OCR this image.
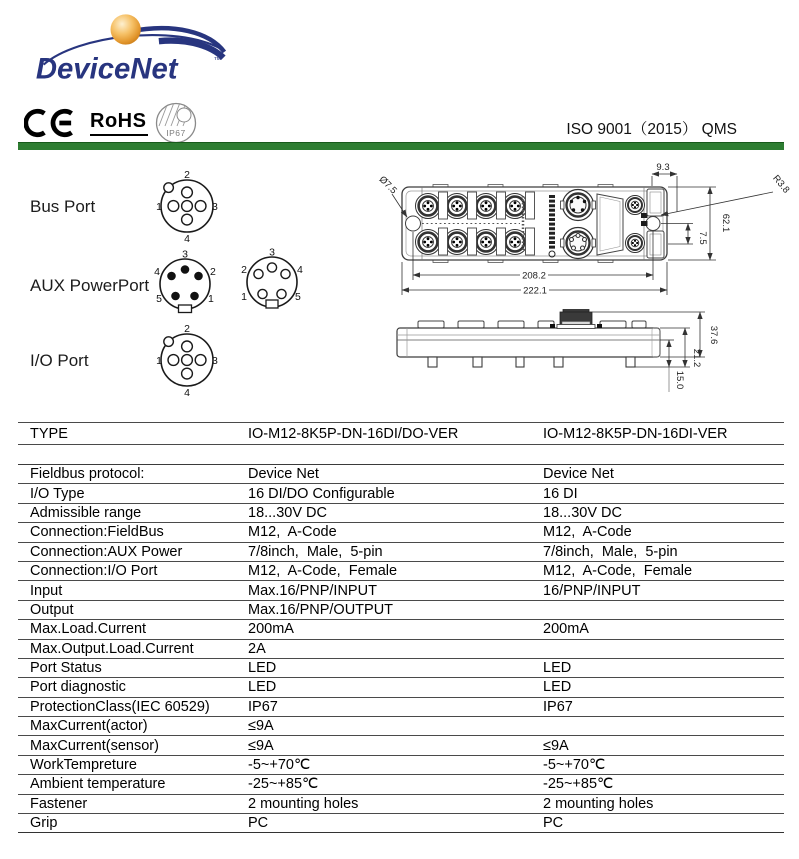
DeviceNet	™
RoHS
IP67	ISO 9001（2015） QMS
Bus Port
AUX PowerPort
I/O Port
2
1	3
4
3
4	2
5	1
3
2	4
1	5
2
1	3
4
Ø7.5
9.3
R3.8
62.1
7.5
208.2
222.1
37.6
21.2
15.0
TYPE	IO-M12-8K5P-DN-16DI/DO-VER	IO-M12-8K5P-DN-16DI-VER
Fieldbus protocol:	Device Net	Device Net
I/O Type	16 DI/DO Configurable	16 DI
Admissible range	18...30V DC	18...30V DC
Connection:FieldBus	M12,  A-Code	M12,  A-Code
Connection:AUX Power	7/8inch,  Male,  5-pin	7/8inch,  Male,  5-pin
Connection:I/O Port	M12,  A-Code,  Female	M12,  A-Code,  Female
Input	Max.16/PNP/INPUT	16/PNP/INPUT
Output	Max.16/PNP/OUTPUT
Max.Load.Current	200mA	200mA
Max.Output.Load.Current	2A
Port Status	LED	LED
Port diagnostic	LED	LED
ProtectionClass(IEC 60529)	IP67	IP67
MaxCurrent(actor)	≤9A
MaxCurrent(sensor)	≤9A	≤9A
WorkTempreture	-5~+70℃	-5~+70℃
Ambient temperature	-25~+85℃	-25~+85℃
Fastener	2 mounting holes	2 mounting holes
Grip	PC	PC
